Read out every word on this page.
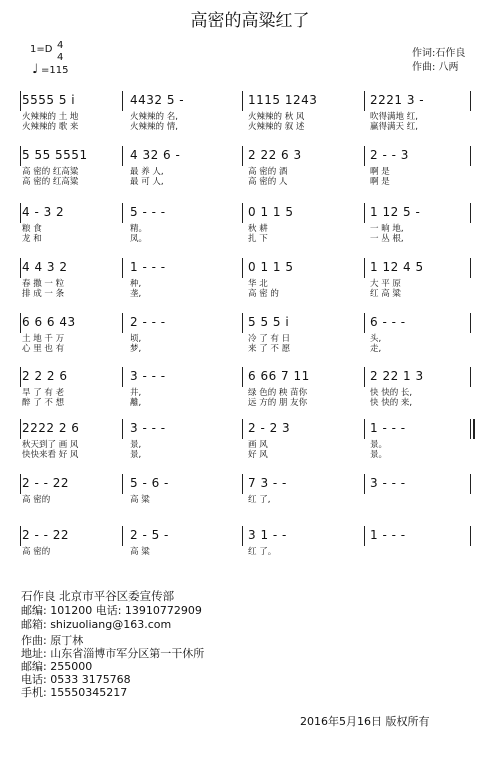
高密的高粱红了
1=D 4
4
♩ =115
作词:石作良
作曲: 八两
5555 5 i	4432 5 -	1115 1243	2221 3 -
火辣辣的 土 地	火辣辣的 名,	火辣辣的 秋 风	吹得满地 红,
火辣辣的 歌 来	火辣辣的 情,	火辣辣的 叙 述	赢得满天 红,
5 55 5551	4 32 6 -	2 22 6 3	2 - - 3
高 密的 红高粱	最 养 人,	高 密的 酒	啊 是
高 密的 红高粱	最 可 人,	高 密的 人	啊 是
4 - 3 2	5 - - -	0 1 1 5	1 12 5 -
粮 食	精。	秋 耕	一 晌 地,
龙 和	凤。	扎 下	一 丛 根,
4 4 3 2	1 - - -	0 1 1 5	1 12 4 5
春 撒 一 粒	种,	华 北	大 平 原
排 成 一 条	垄,	高 密 的	红 高 粱
6 6 6 43	2 - - -	5 5 5 i	6 - - -
土 地 千 万	顷,	冷 了 有 日	头,
心 里 也 有	梦,	来 了 不 愿	走,
2 2 2 6	3 - - -	6 66 7 11	2 22 1 3
旱 了 有 老	井,	绿 色的 秧 苗你	快 快的 长,
醉 了 不 想	離,	远 方的 朋 友你	快 快的 来,
2222 2 6	3 - - -	2 - 2 3	1 - - -
秋天到了 画 风	景,	画 风	景。
快快来看 好 风	景,	好 风	景。
2 - - 22	5 - 6 -	7 3 - -	3 - - -
高 密的	高 粱	红 了,
2 - - 22	2 - 5 -	3 1 - -	1 - - -
高 密的	高 粱	红 了。
石作良 北京市平谷区委宣传部
邮编: 101200 电话: 13910772909
邮箱: shizuoliang@163.com
作曲: 原丁林
地址: 山东省淄博市军分区第一干休所
邮编: 255000
电话: 0533 3175768
手机: 15550345217
2016年5月16日 版权所有
